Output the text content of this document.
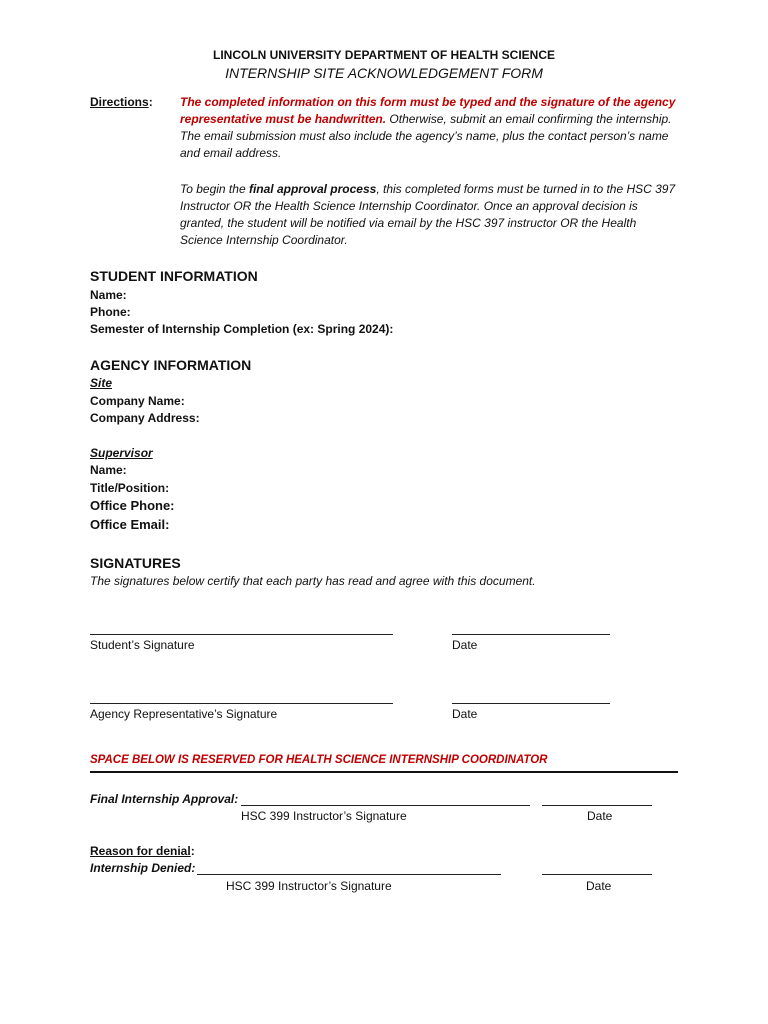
LINCOLN UNIVERSITY DEPARTMENT OF HEALTH SCIENCE
INTERNSHIP SITE ACKNOWLEDGEMENT FORM
Directions: The completed information on this form must be typed and the signature of the agency representative must be handwritten. Otherwise, submit an email confirming the internship. The email submission must also include the agency’s name, plus the contact person’s name and email address.
To begin the final approval process, this completed forms must be turned in to the HSC 397 Instructor OR the Health Science Internship Coordinator. Once an approval decision is granted, the student will be notified via email by the HSC 397 instructor OR the Health Science Internship Coordinator.
STUDENT INFORMATION
Name:
Phone:
Semester of Internship Completion (ex: Spring 2024):
AGENCY INFORMATION
Site
Company Name:
Company Address:
Supervisor
Name:
Title/Position:
Office Phone:
Office Email:
SIGNATURES
The signatures below certify that each party has read and agree with this document.
Student’s Signature	Date
Agency Representative’s Signature	Date
SPACE BELOW IS RESERVED FOR HEALTH SCIENCE INTERNSHIP COORDINATOR
Final Internship Approval:
HSC 399 Instructor’s Signature	Date
Reason for denial:
Internship Denied:
HSC 399 Instructor’s Signature	Date
